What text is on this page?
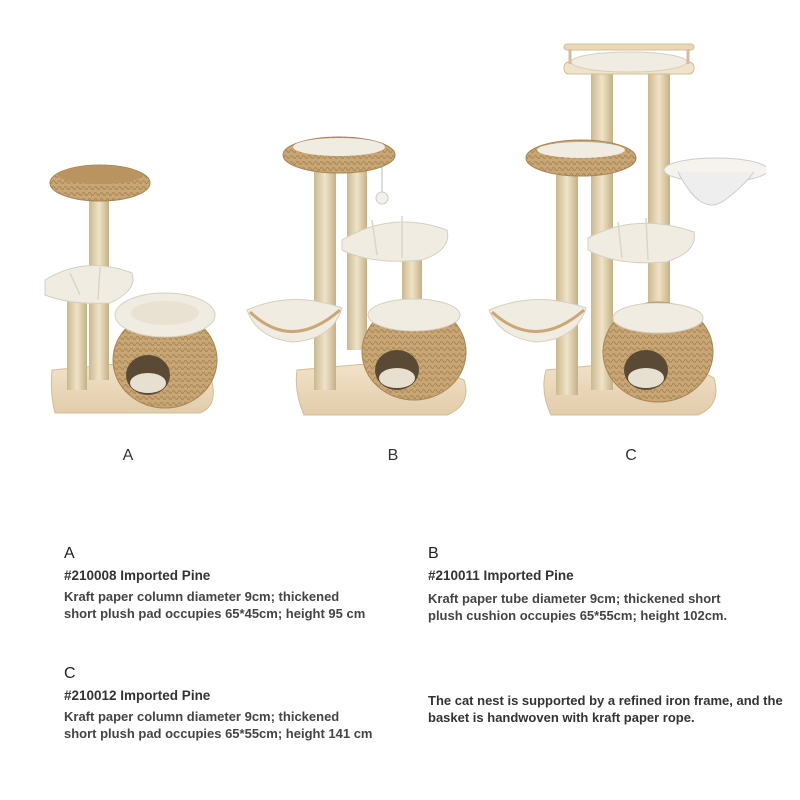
A	B	C
A
#210008 Imported Pine
Kraft paper column diameter 9cm; thickened short plush pad occupies 65*45cm; height 95 cm
B
#210011 Imported Pine
Kraft paper tube diameter 9cm; thickened short plush cushion occupies 65*55cm; height 102cm.
C
#210012 Imported Pine
Kraft paper column diameter 9cm; thickened short plush pad occupies 65*55cm; height 141 cm
The cat nest is supported by a refined iron frame, and the basket is handwoven with kraft paper rope.
